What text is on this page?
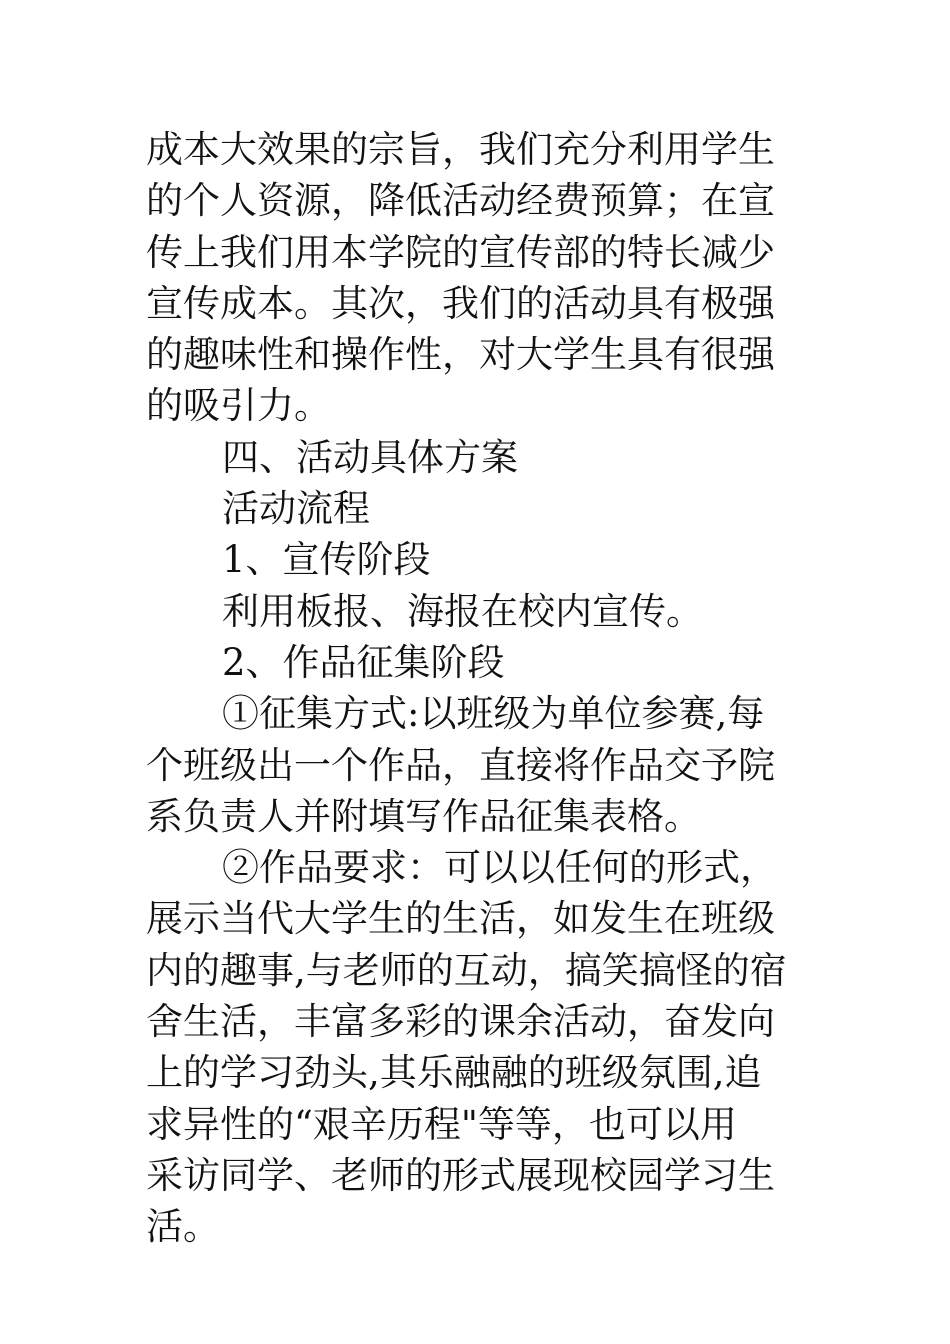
成本大效果的宗旨，我们充分利用学生
的个人资源，降低活动经费预算；在宣
传上我们用本学院的宣传部的特长减少
宣传成本。其次，我们的活动具有极强
的趣味性和操作性，对大学生具有很强
的吸引力。
四、活动具体方案
活动流程
1、宣传阶段
利用板报、海报在校内宣传。
2、作品征集阶段
①征集方式:以班级为单位参赛,每
个班级出一个作品，直接将作品交予院
系负责人并附填写作品征集表格。
②作品要求：可以以任何的形式，
展示当代大学生的生活，如发生在班级
内的趣事,与老师的互动，搞笑搞怪的宿
舍生活，丰富多彩的课余活动，奋发向
上的学习劲头,其乐融融的班级氛围,追
求异性的“艰辛历程"等等，也可以用
采访同学、老师的形式展现校园学习生
活。
